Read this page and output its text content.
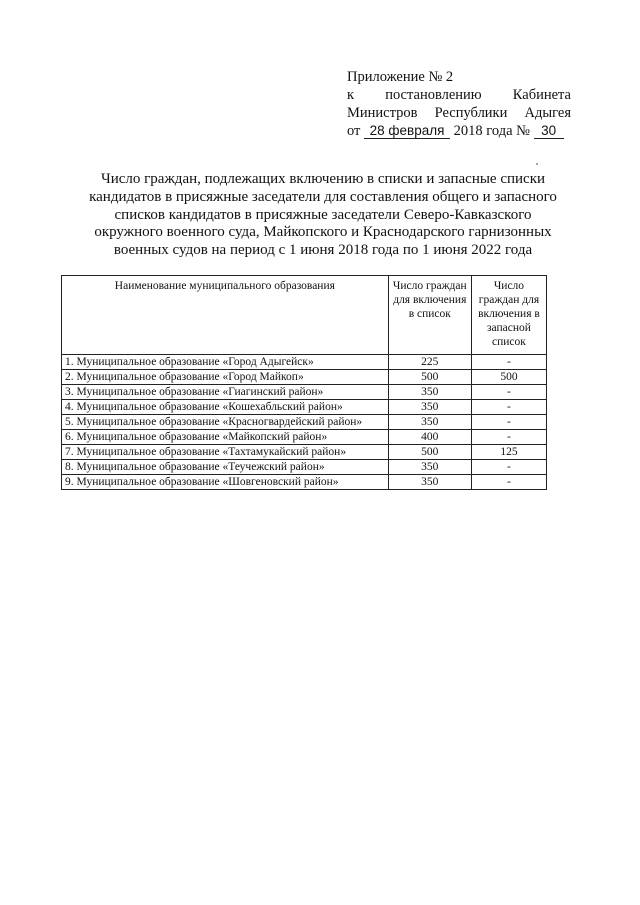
Приложение № 2
к постановлению Кабинета
Министров Республики Адыгея
от 28 февраля 2018 года № 30
Число граждан, подлежащих включению в списки и запасные списки
кандидатов в присяжные заседатели для составления общего и запасного
списков кандидатов в присяжные заседатели Северо-Кавказского
окружного военного суда, Майкопского и Краснодарского гарнизонных
военных судов на период с 1 июня 2018 года по 1 июня 2022 года
Наименование муниципального образования	Число граждан для включения в список	Число граждан для включения в запасной список
1. Муниципальное образование «Город Адыгейск»	225	-
2. Муниципальное образование «Город Майкоп»	500	500
3. Муниципальное образование «Гиагинский район»	350	-
4. Муниципальное образование «Кошехабльский район»	350	-
5. Муниципальное образование «Красногвардейский район»	350	-
6. Муниципальное образование «Майкопский район»	400	-
7. Муниципальное образование «Тахтамукайский район»	500	125
8. Муниципальное образование «Теучежский район»	350	-
9. Муниципальное образование «Шовгеновский район»	350	-
